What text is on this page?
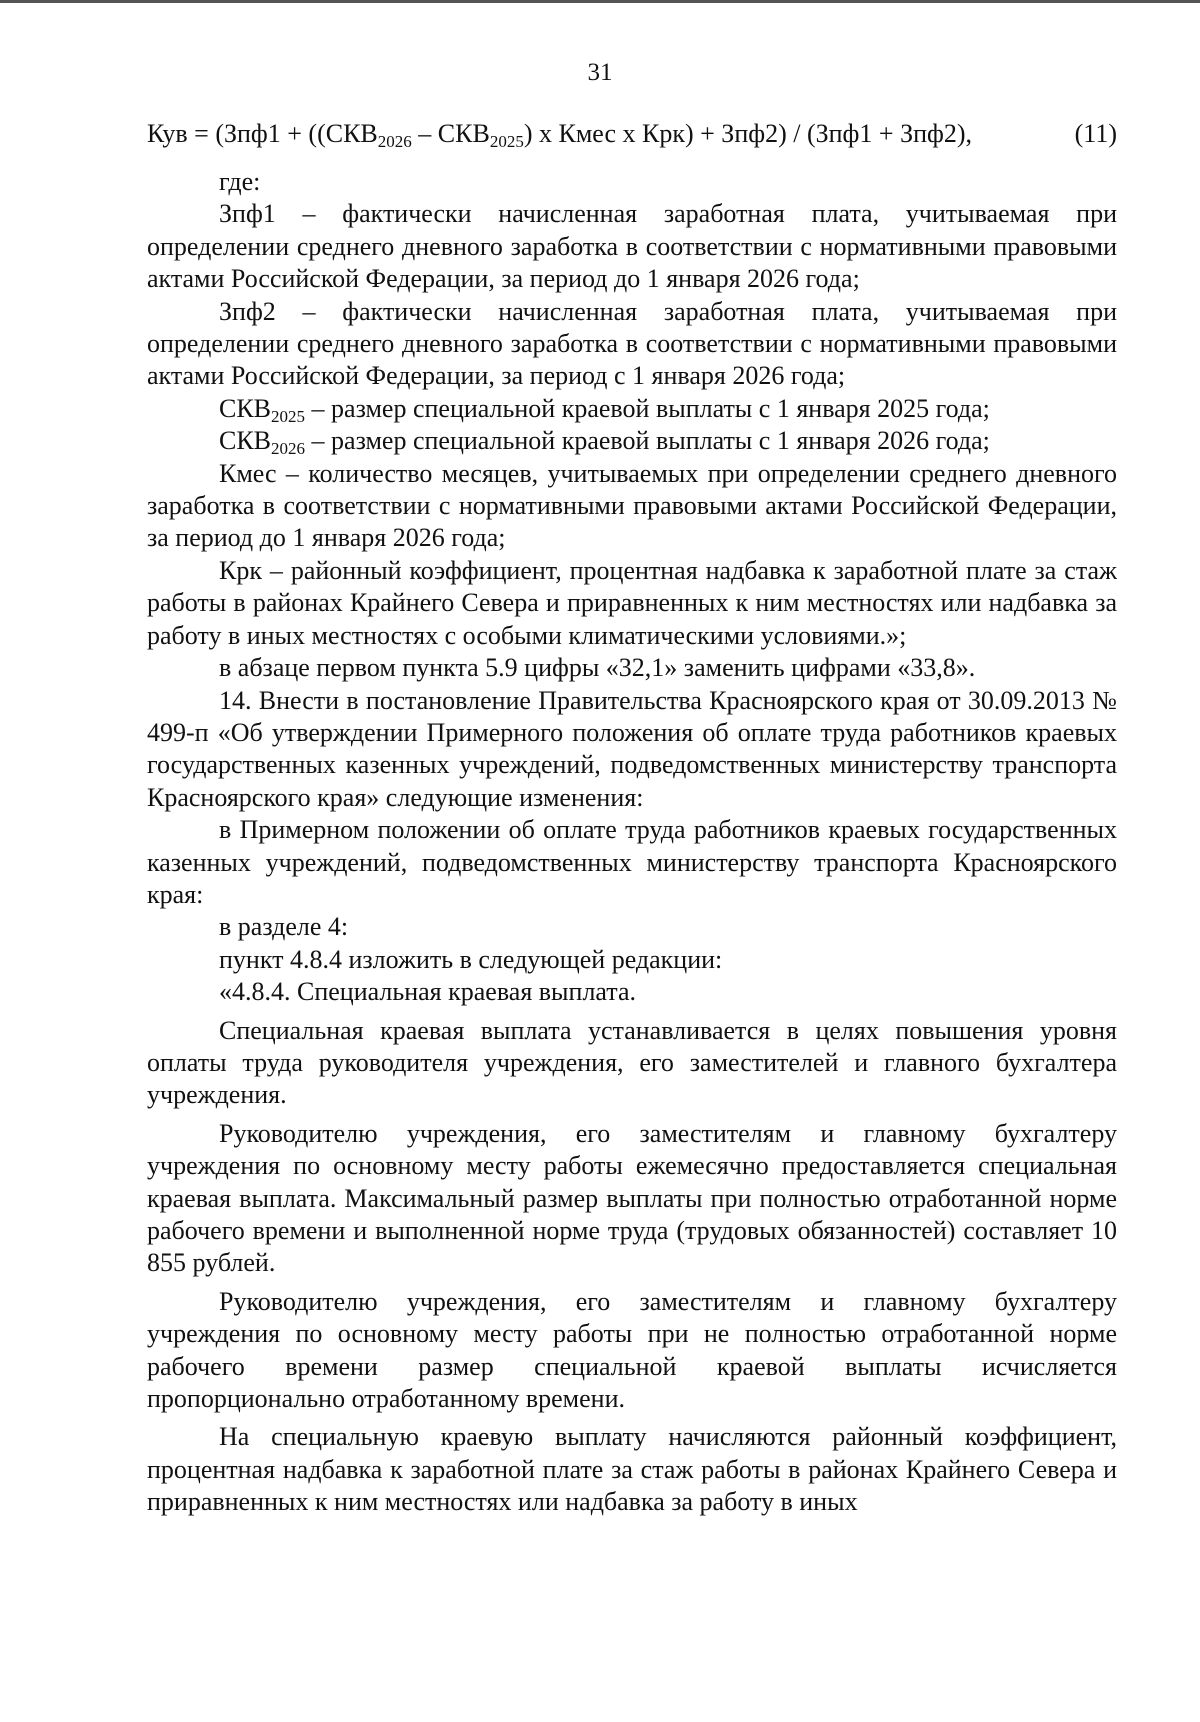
31
Кув = ($Зпф1 + ((СКВ_{2026} - СКВ_{2025})$ х Кмес х Крк) + Зпф2) / (Зпф1 + Зпф2),	(11)

где:

Зпф1 – фактически начисленная заработная плата, учитываемая при определении среднего дневного заработка в соответствии с нормативными правовыми актами Российской Федерации, за период до 1 января 2026 года;

Зпф2 – фактически начисленная заработная плата, учитываемая при определении среднего дневного заработка в соответствии с нормативными правовыми актами Российской Федерации, за период с 1 января 2026 года;

$СКВ_{2025}$ – размер специальной краевой выплаты с 1 января 2025 года;

$СКВ_{2026}$ – размер специальной краевой выплаты с 1 января 2026 года;

Кмес – количество месяцев, учитываемых при определении среднего дневного заработка в соответствии с нормативными правовыми актами Российской Федерации, за период до 1 января 2026 года;

Крк – районный коэффициент, процентная надбавка к заработной плате за стаж работы в районах Крайнего Севера и приравненных к ним местностях или надбавка за работу в иных местностях с особыми климатическими условиями.»;

в абзаце первом пункта 5.9 цифры «32,1» заменить цифрами «33,8».

14. Внести в постановление Правительства Красноярского края от 30.09.2013 № 499-п «Об утверждении Примерного положения об оплате труда работников краевых государственных казенных учреждений, подведомственных министерству транспорта Красноярского края» следующие изменения:

в Примерном положении об оплате труда работников краевых государственных казенных учреждений, подведомственных министерству транспорта Красноярского края:

в разделе 4:

пункт 4.8.4 изложить в следующей редакции:

«4.8.4. Специальная краевая выплата.

Специальная краевая выплата устанавливается в целях повышения уровня оплаты труда руководителя учреждения, его заместителей и главного бухгалтера учреждения.

Руководителю учреждения, его заместителям и главному бухгалтеру учреждения по основному месту работы ежемесячно предоставляется специальная краевая выплата. Максимальный размер выплаты при полностью отработанной норме рабочего времени и выполненной норме труда (трудовых обязанностей) составляет 10 855 рублей.

Руководителю учреждения, его заместителям и главному бухгалтеру учреждения по основному месту работы при не полностью отработанной норме рабочего времени размер специальной краевой выплаты исчисляется пропорционально отработанному времени.

На специальную краевую выплату начисляются районный коэффициент, процентная надбавка к заработной плате за стаж работы в районах Крайнего Севера и приравненных к ним местностях или надбавка за работу в иных
